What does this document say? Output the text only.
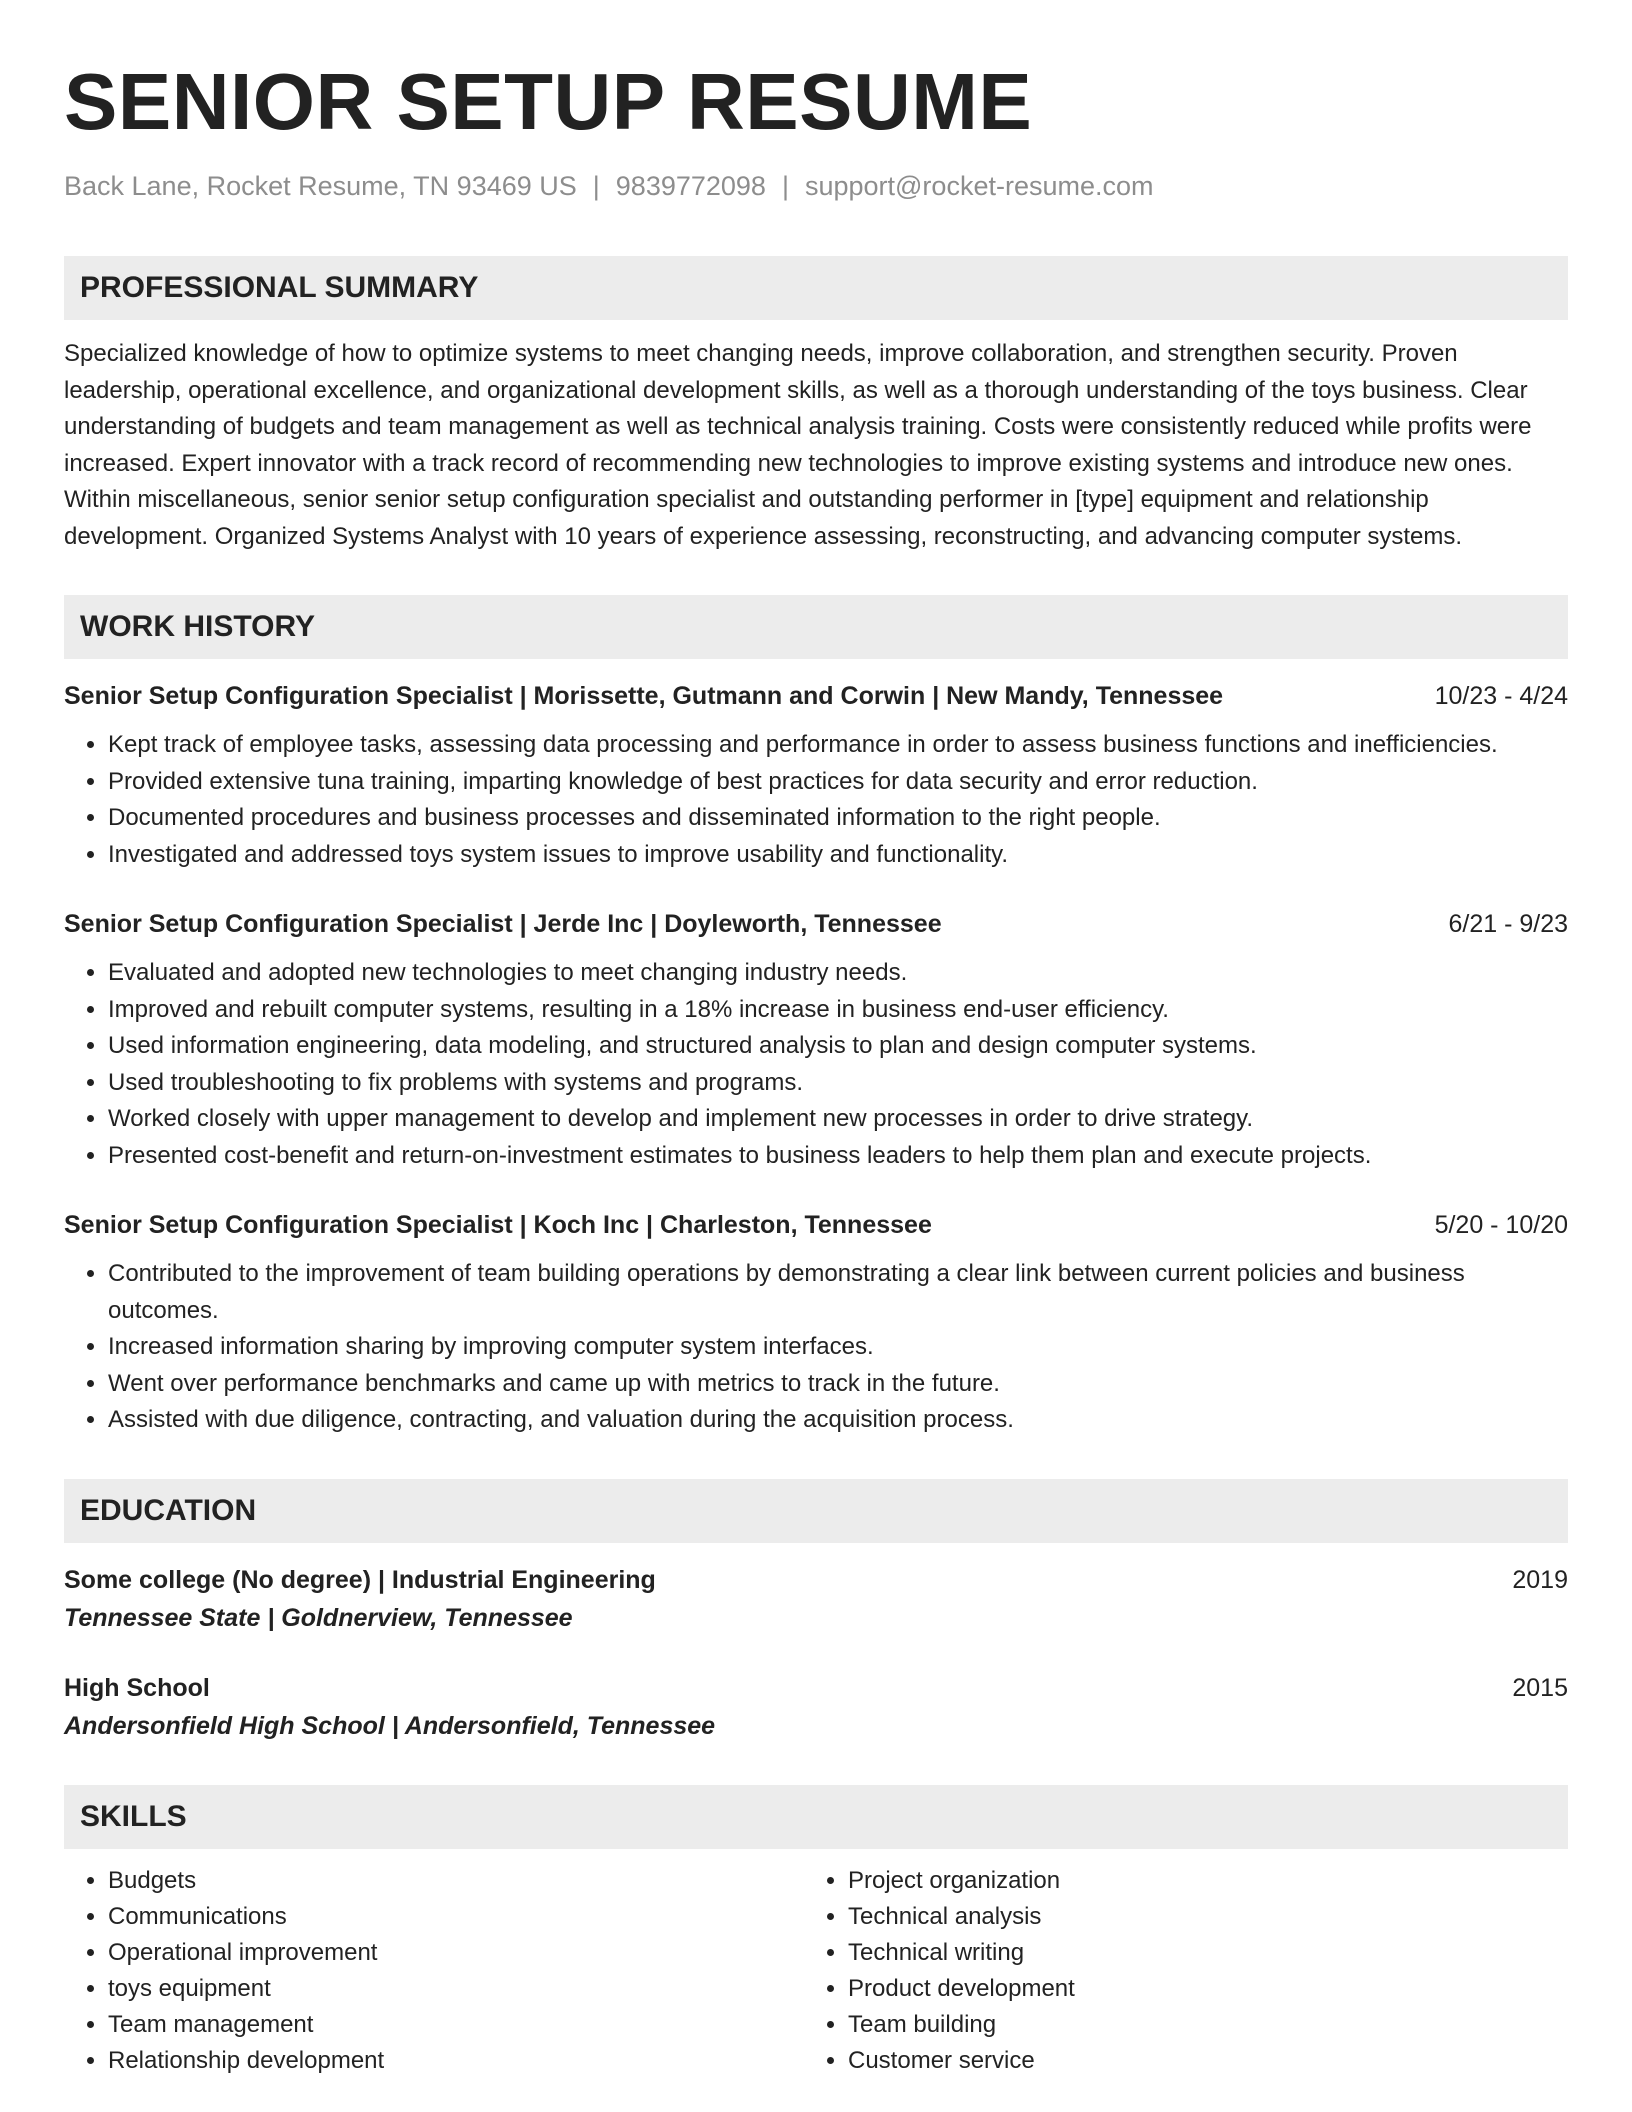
SENIOR SETUP RESUME
Back Lane, Rocket Resume, TN 93469 US | 9839772098 | support@rocket-resume.com
PROFESSIONAL SUMMARY
Specialized knowledge of how to optimize systems to meet changing needs, improve collaboration, and strengthen security. Proven leadership, operational excellence, and organizational development skills, as well as a thorough understanding of the toys business. Clear understanding of budgets and team management as well as technical analysis training. Costs were consistently reduced while profits were increased. Expert innovator with a track record of recommending new technologies to improve existing systems and introduce new ones. Within miscellaneous, senior senior setup configuration specialist and outstanding performer in [type] equipment and relationship development. Organized Systems Analyst with 10 years of experience assessing, reconstructing, and advancing computer systems.
WORK HISTORY
Senior Setup Configuration Specialist | Morissette, Gutmann and Corwin | New Mandy, Tennessee	10/23 - 4/24
• Kept track of employee tasks, assessing data processing and performance in order to assess business functions and inefficiencies.
• Provided extensive tuna training, imparting knowledge of best practices for data security and error reduction.
• Documented procedures and business processes and disseminated information to the right people.
• Investigated and addressed toys system issues to improve usability and functionality.
Senior Setup Configuration Specialist | Jerde Inc | Doyleworth, Tennessee	6/21 - 9/23
• Evaluated and adopted new technologies to meet changing industry needs.
• Improved and rebuilt computer systems, resulting in a 18% increase in business end-user efficiency.
• Used information engineering, data modeling, and structured analysis to plan and design computer systems.
• Used troubleshooting to fix problems with systems and programs.
• Worked closely with upper management to develop and implement new processes in order to drive strategy.
• Presented cost-benefit and return-on-investment estimates to business leaders to help them plan and execute projects.
Senior Setup Configuration Specialist | Koch Inc | Charleston, Tennessee	5/20 - 10/20
• Contributed to the improvement of team building operations by demonstrating a clear link between current policies and business outcomes.
• Increased information sharing by improving computer system interfaces.
• Went over performance benchmarks and came up with metrics to track in the future.
• Assisted with due diligence, contracting, and valuation during the acquisition process.
EDUCATION
Some college (No degree) | Industrial Engineering	2019
Tennessee State | Goldnerview, Tennessee
High School	2015
Andersonfield High School | Andersonfield, Tennessee
SKILLS
• Budgets
• Communications
• Operational improvement
• toys equipment
• Team management
• Relationship development
• Project organization
• Technical analysis
• Technical writing
• Product development
• Team building
• Customer service
